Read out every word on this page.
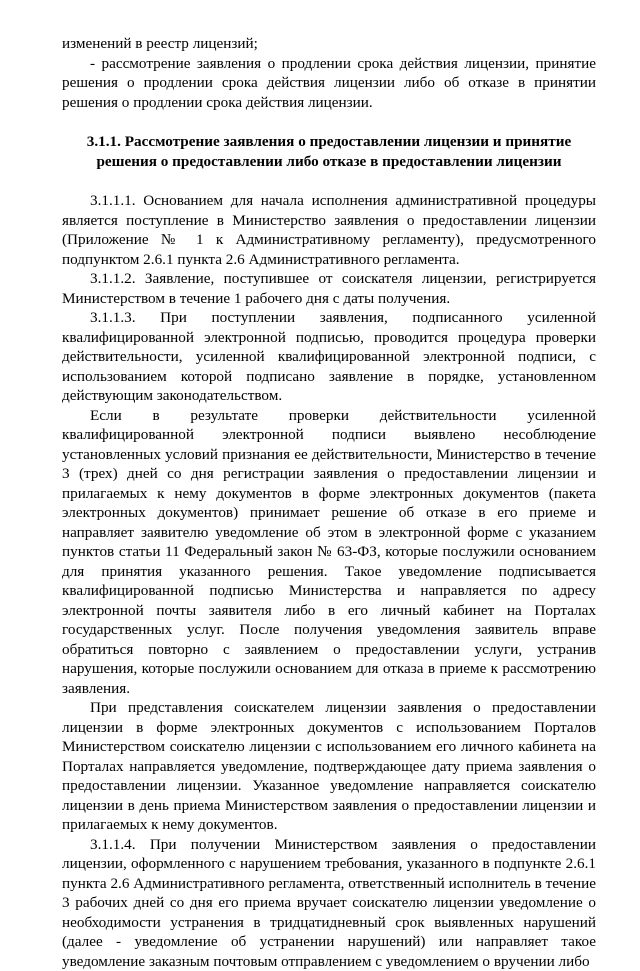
изменений в реестр лицензий;

- рассмотрение заявления о продлении срока действия лицензии, принятие решения о продлении срока действия лицензии либо об отказе в принятии решения о продлении срока действия лицензии.

3.1.1. Рассмотрение заявления о предоставлении лицензии и принятие
решения о предоставлении либо отказе в предоставлении лицензии

3.1.1.1. Основанием для начала исполнения административной процедуры является поступление в Министерство заявления о предоставлении лицензии (Приложение № 1 к Административному регламенту), предусмотренного подпунктом 2.6.1 пункта 2.6 Административного регламента.

3.1.1.2. Заявление, поступившее от соискателя лицензии, регистрируется Министерством в течение 1 рабочего дня с даты получения.

3.1.1.3. При поступлении заявления, подписанного усиленной квалифицированной электронной подписью, проводится процедура проверки действительности, усиленной квалифицированной электронной подписи, с использованием которой подписано заявление в порядке, установленном действующим законодательством.

Если в результате проверки действительности усиленной квалифицированной электронной подписи выявлено несоблюдение установленных условий признания ее действительности, Министерство в течение 3 (трех) дней со дня регистрации заявления о предоставлении лицензии и прилагаемых к нему документов в форме электронных документов (пакета электронных документов) принимает решение об отказе в его приеме и направляет заявителю уведомление об этом в электронной форме с указанием пунктов статьи 11 Федеральный закон № 63-ФЗ, которые послужили основанием для принятия указанного решения. Такое уведомление подписывается квалифицированной подписью Министерства и направляется по адресу электронной почты заявителя либо в его личный кабинет на Порталах государственных услуг. После получения уведомления заявитель вправе обратиться повторно с заявлением о предоставлении услуги, устранив нарушения, которые послужили основанием для отказа в приеме к рассмотрению заявления.

При представления соискателем лицензии заявления о предоставлении лицензии в форме электронных документов с использованием Порталов Министерством соискателю лицензии с использованием его личного кабинета на Порталах направляется уведомление, подтверждающее дату приема заявления о предоставлении лицензии. Указанное уведомление направляется соискателю лицензии в день приема Министерством заявления о предоставлении лицензии и прилагаемых к нему документов.

3.1.1.4. При получении Министерством заявления о предоставлении лицензии, оформленного с нарушением требования, указанного в подпункте 2.6.1 пункта 2.6 Административного регламента, ответственный исполнитель в течение 3 рабочих дней со дня его приема вручает соискателю лицензии уведомление о необходимости устранения в тридцатидневный срок выявленных нарушений (далее - уведомление об устранении нарушений) или направляет такое уведомление заказным почтовым отправлением с уведомлением о вручении либо
